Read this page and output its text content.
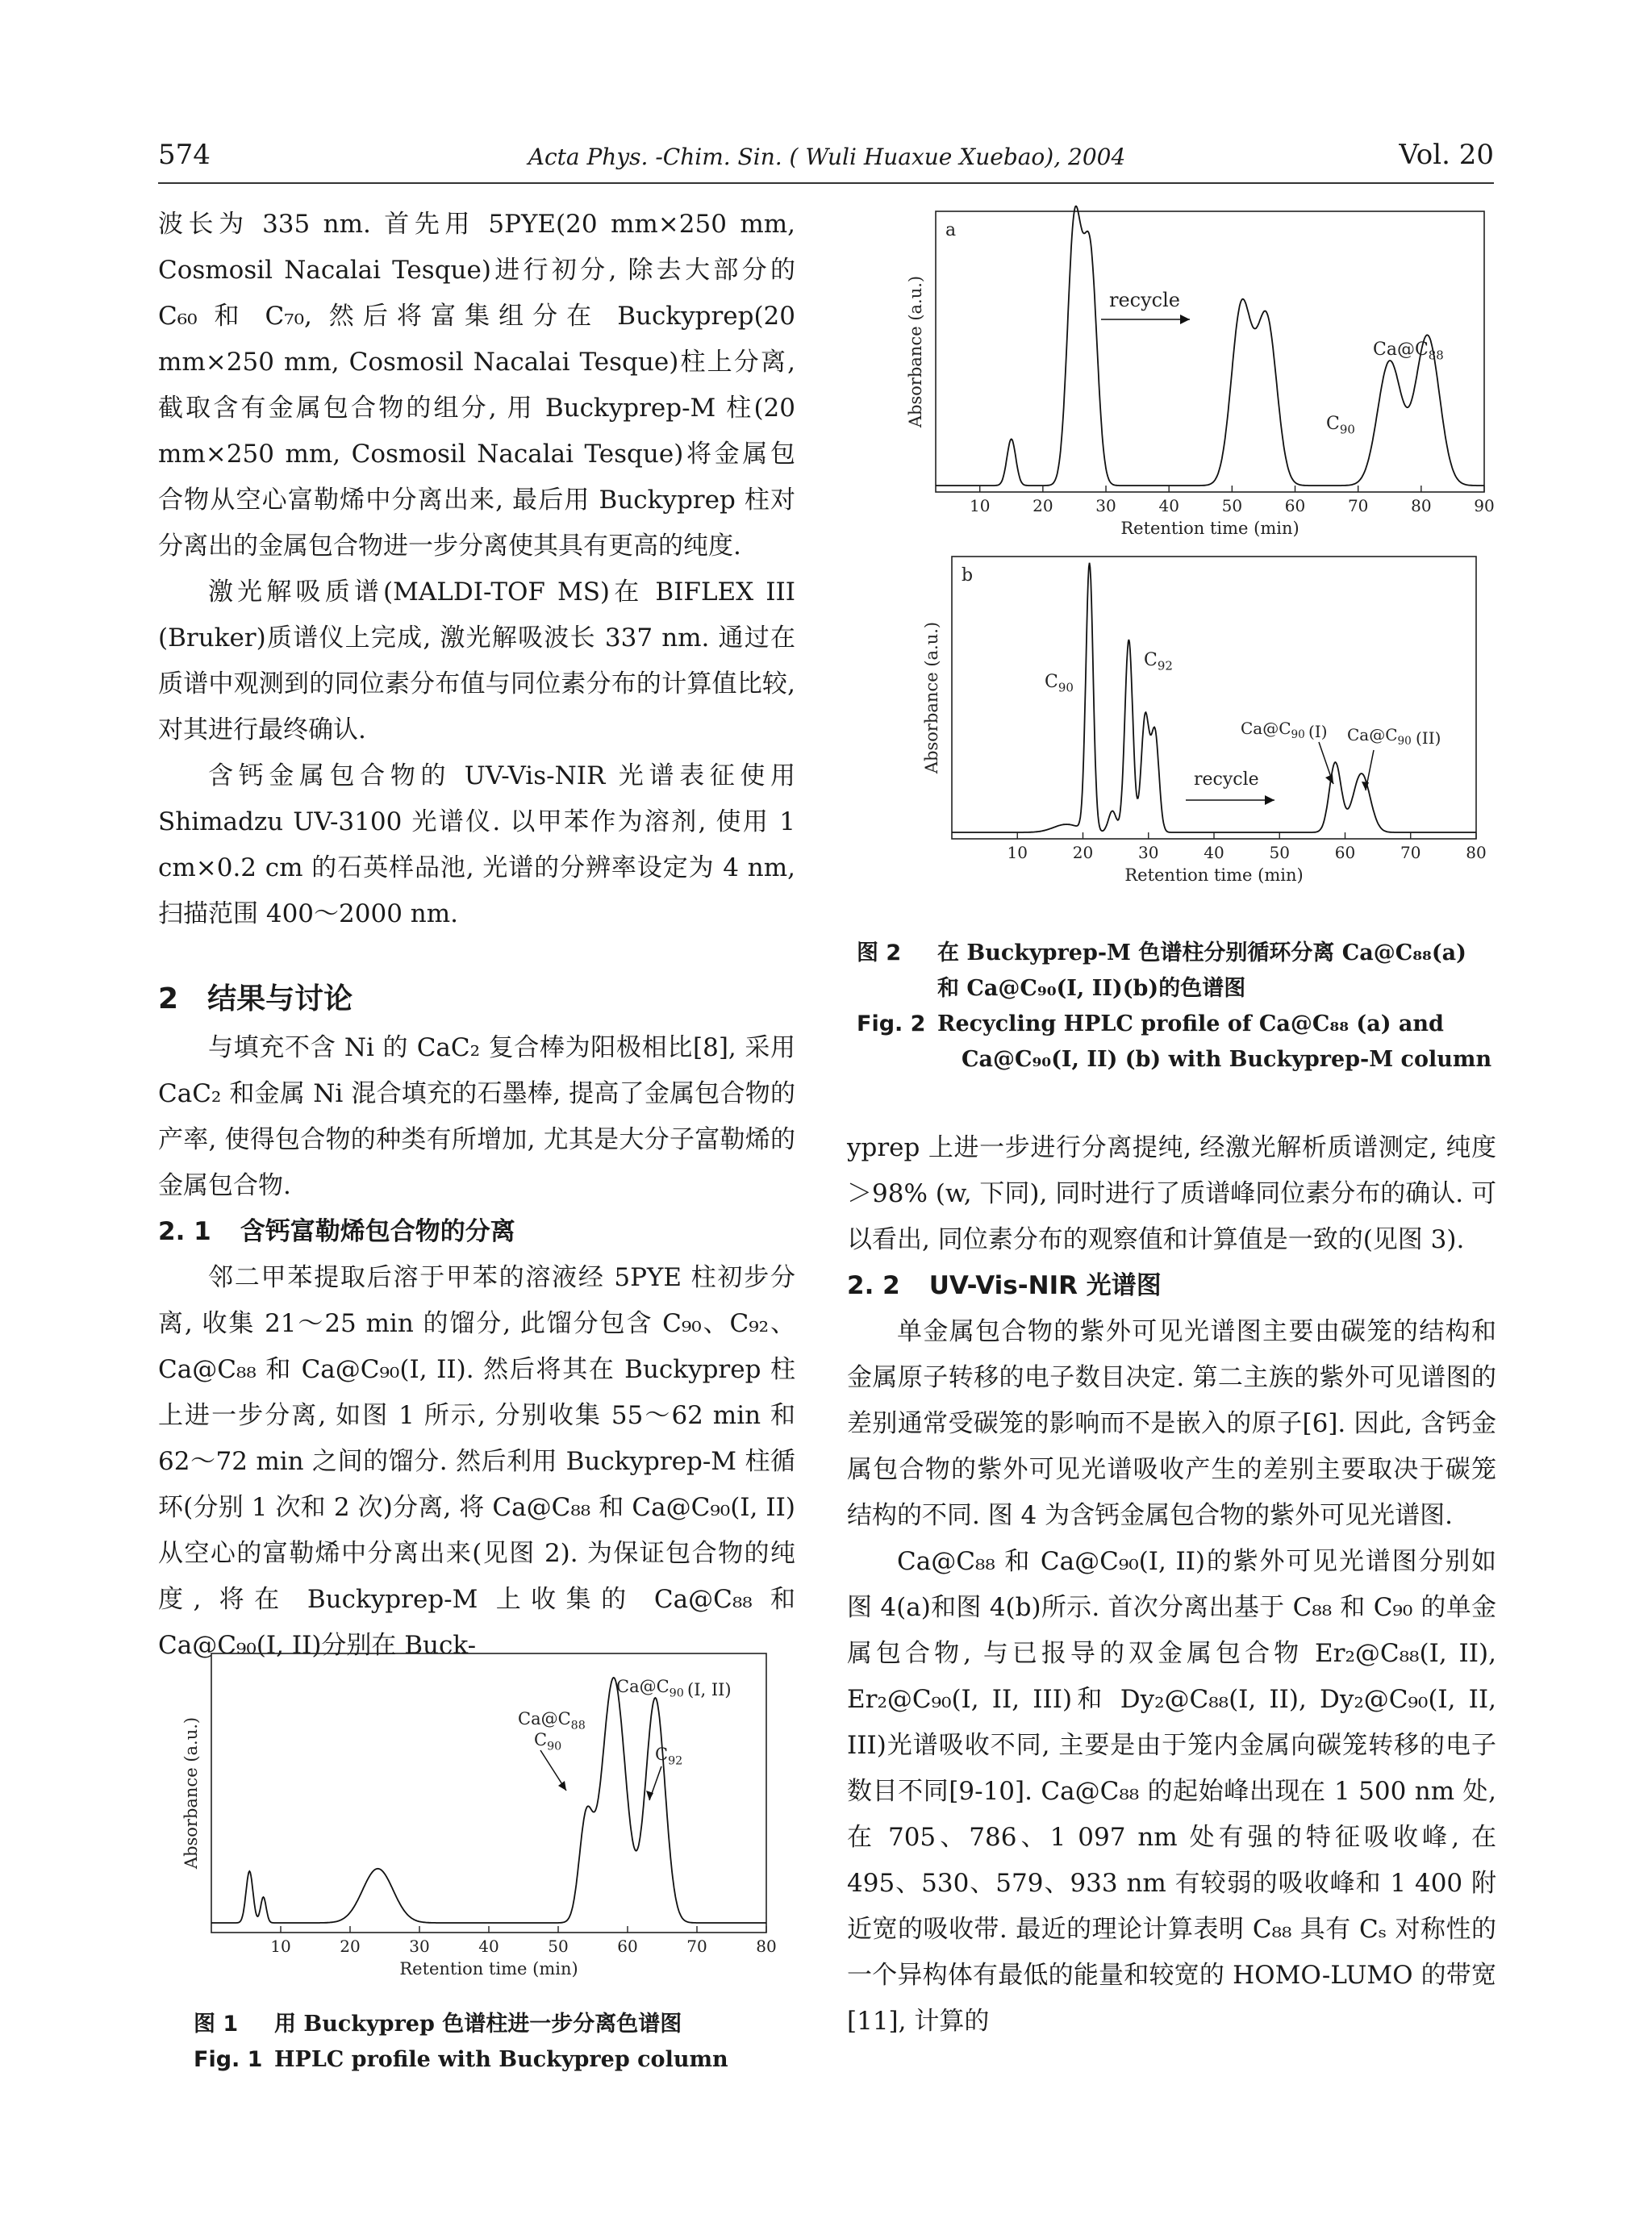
574	Acta Phys. -Chim. Sin. ( Wuli Huaxue Xuebao), 2004	Vol. 20

波长为 335 nm. 首先用 5PYE(20 mm×250 mm, Cosmosil Nacalai Tesque)进行初分, 除去大部分的 C₆₀ 和 C₇₀, 然后将富集组分在 Buckyprep(20 mm×250 mm, Cosmosil Nacalai Tesque)柱上分离, 截取含有金属包合物的组分, 用 Buckyprep-M 柱(20 mm×250 mm, Cosmosil Nacalai Tesque)将金属包合物从空心富勒烯中分离出来, 最后用 Buckyprep 柱对分离出的金属包合物进一步分离使其具有更高的纯度.

激光解吸质谱(MALDI-TOF MS)在 BIFLEX III (Bruker)质谱仪上完成, 激光解吸波长 337 nm. 通过在质谱中观测到的同位素分布值与同位素分布的计算值比较, 对其进行最终确认.

含钙金属包合物的 UV-Vis-NIR 光谱表征使用 Shimadzu UV-3100 光谱仪. 以甲苯作为溶剂, 使用 1 cm×0.2 cm 的石英样品池, 光谱的分辨率设定为 4 nm, 扫描范围 400～2000 nm.

2 结果与讨论

与填充不含 Ni 的 CaC₂ 复合棒为阳极相比[8], 采用 CaC₂ 和金属 Ni 混合填充的石墨棒, 提高了金属包合物的产率, 使得包合物的种类有所增加, 尤其是大分子富勒烯的金属包合物.

2. 1 含钙富勒烯包合物的分离

邻二甲苯提取后溶于甲苯的溶液经 5PYE 柱初步分离, 收集 21～25 min 的馏分, 此馏分包含 C₉₀、C₉₂、Ca@C₈₈ 和 Ca@C₉₀(I, II). 然后将其在 Buckyprep 柱上进一步分离, 如图 1 所示, 分别收集 55～62 min 和 62～72 min 之间的馏分. 然后利用 Buckyprep-M 柱循环(分别 1 次和 2 次)分离, 将 Ca@C₈₈ 和 Ca@C₉₀(I, II)从空心的富勒烯中分离出来(见图 2). 为保证包合物的纯度, 将在 Buckyprep-M 上收集的 Ca@C₈₈ 和 Ca@C₉₀(I, II)分别在 Buck-

10	20	30	40	50	60	70	80	90
Retention time (min)
Absorbance (a.u.)
a
recycle
$Ca@C_{88}$
$C_{90}$
10	20	30	40	50	60	70	80
Retention time (min)
Absorbance (a.u.)
b
$C_{90}$
$C_{92}$
$Ca@C_{90}$ (I) $Ca@C_{90}$ (II)
recycle
图 2 在 Buckyprep-M 色谱柱分别循环分离 Ca@C₈₈(a)
和 Ca@C₉₀(I, II)(b)的色谱图
Fig. 2 Recycling HPLC profile of Ca@C₈₈ (a) and
Ca@C₉₀(I, II) (b) with Buckyprep-M column

yprep 上进一步进行分离提纯, 经激光解析质谱测定, 纯度＞98% (w, 下同), 同时进行了质谱峰同位素分布的确认. 可以看出, 同位素分布的观察值和计算值是一致的(见图 3).

2. 2 UV-Vis-NIR 光谱图

单金属包合物的紫外可见光谱图主要由碳笼的结构和金属原子转移的电子数目决定. 第二主族的紫外可见谱图的差别通常受碳笼的影响而不是嵌入的原子[6]. 因此, 含钙金属包合物的紫外可见光谱吸收产生的差别主要取决于碳笼结构的不同. 图 4 为含钙金属包合物的紫外可见光谱图.

Ca@C₈₈ 和 Ca@C₉₀(I, II)的紫外可见光谱图分别如图 4(a)和图 4(b)所示. 首次分离出基于 C₈₈ 和 C₉₀ 的单金属包合物, 与已报导的双金属包合物 Er₂@C₈₈(I, II), Er₂@C₉₀(I, II, III)和 Dy₂@C₈₈(I, II), Dy₂@C₉₀(I, II, III)光谱吸收不同, 主要是由于笼内金属向碳笼转移的电子数目不同[9-10]. Ca@C₈₈ 的起始峰出现在 1 500 nm 处, 在 705、786、1 097 nm 处有强的特征吸收峰, 在 495、530、579、933 nm 有较弱的吸收峰和 1 400 附近宽的吸收带. 最近的理论计算表明 C₈₈ 具有 Cₛ 对称性的一个异构体有最低的能量和较宽的 HOMO-LUMO 的带宽[11], 计算的

10	20	30	40	50	60	70	80
Retention time (min)
Absorbance (a.u.)	$Ca@C_{88}$
$C_{90}$
$Ca@C_{90}$ (I, II)
$C_{92}$
图 1 用 Buckyprep 色谱柱进一步分离色谱图
Fig. 1 HPLC profile with Buckyprep column
